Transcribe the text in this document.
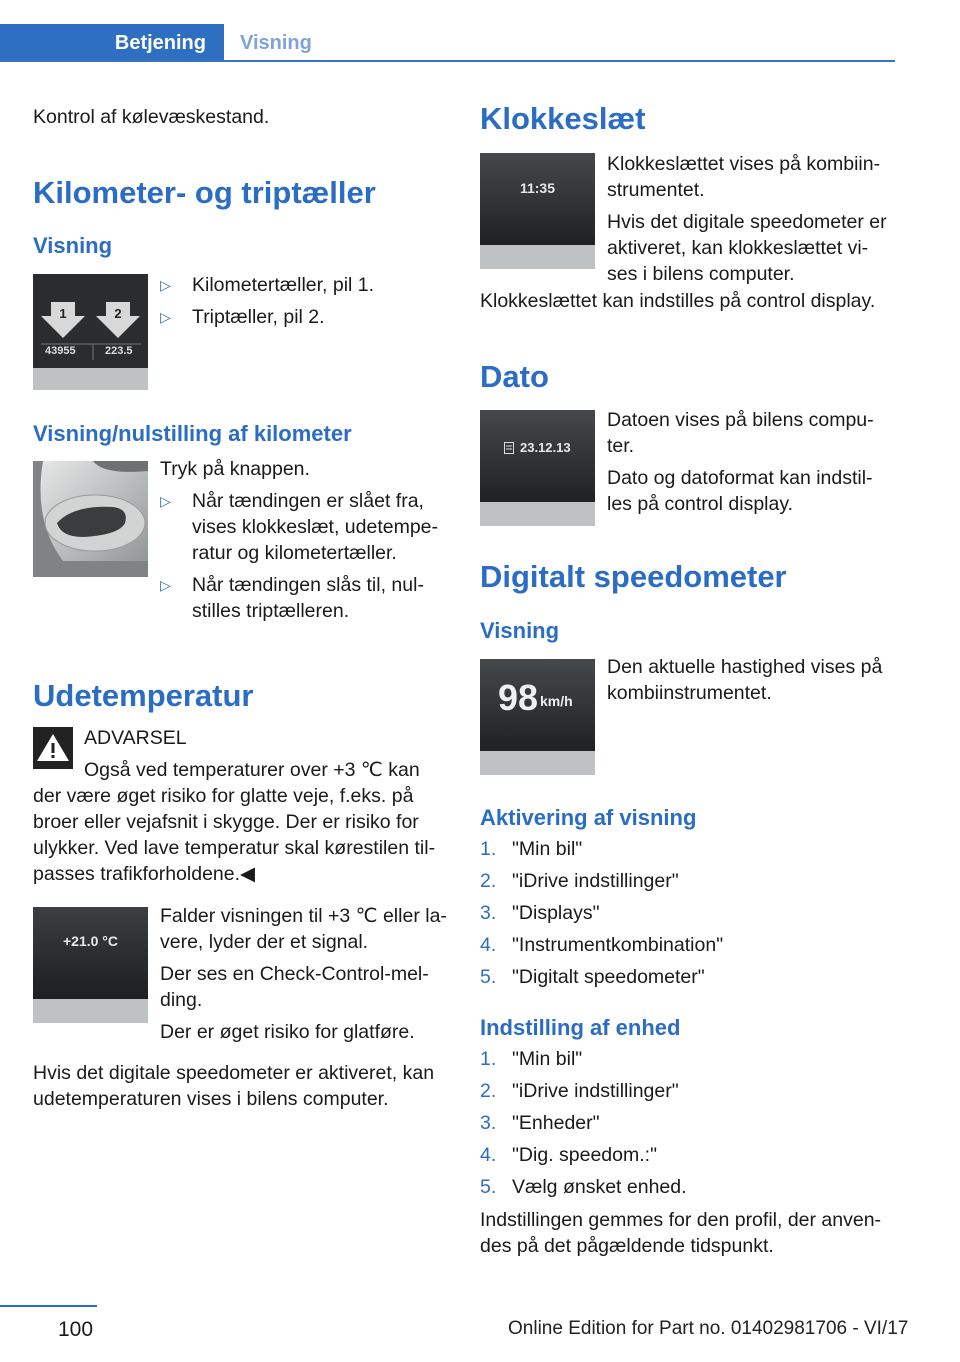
Betjening	Visning
Kontrol af kølevæskestand.
Kilometer- og triptæller
Visning
1	2
43955	223.5
▷	Kilometertæller, pil 1.
▷	Triptæller, pil 2.
Visning/nulstilling af kilometer
Tryk på knappen.
▷	Når tændingen er slået fra,
vises klokkeslæt, udetempe-
ratur og kilometertæller.
▷	Når tændingen slås til, nul-
stilles triptælleren.
Udetemperatur
ADVARSEL
Også ved temperaturer over +3 ℃ kan
der være øget risiko for glatte veje, f.eks. på
broer eller vejafsnit i skygge. Der er risiko for
ulykker. Ved lave temperatur skal kørestilen til-
passes trafikforholdene.◀
+21.0 °C
Falder visningen til +3 ℃ eller la-
vere, lyder der et signal.
Der ses en Check-Control-mel-
ding.
Der er øget risiko for glatføre.
Hvis det digitale speedometer er aktiveret, kan
udetemperaturen vises i bilens computer.
Klokkeslæt
11:35
Klokkeslættet vises på kombiin-
strumentet.
Hvis det digitale speedometer er
aktiveret, kan klokkeslættet vi-
ses i bilens computer.
Klokkeslættet kan indstilles på control display.
Dato
23.12.13
Datoen vises på bilens compu-
ter.
Dato og datoformat kan indstil-
les på control display.
Digitalt speedometer
Visning
98 km/h
Den aktuelle hastighed vises på
kombiinstrumentet.
Aktivering af visning
1. "Min bil"
2. "iDrive indstillinger"
3. "Displays"
4. "Instrumentkombination"
5. "Digitalt speedometer"
Indstilling af enhed
1. "Min bil"
2. "iDrive indstillinger"
3. "Enheder"
4. "Dig. speedom.:"
5. Vælg ønsket enhed.
Indstillingen gemmes for den profil, der anven-
des på det pågældende tidspunkt.
100	Online Edition for Part no. 01402981706 - VI/17
